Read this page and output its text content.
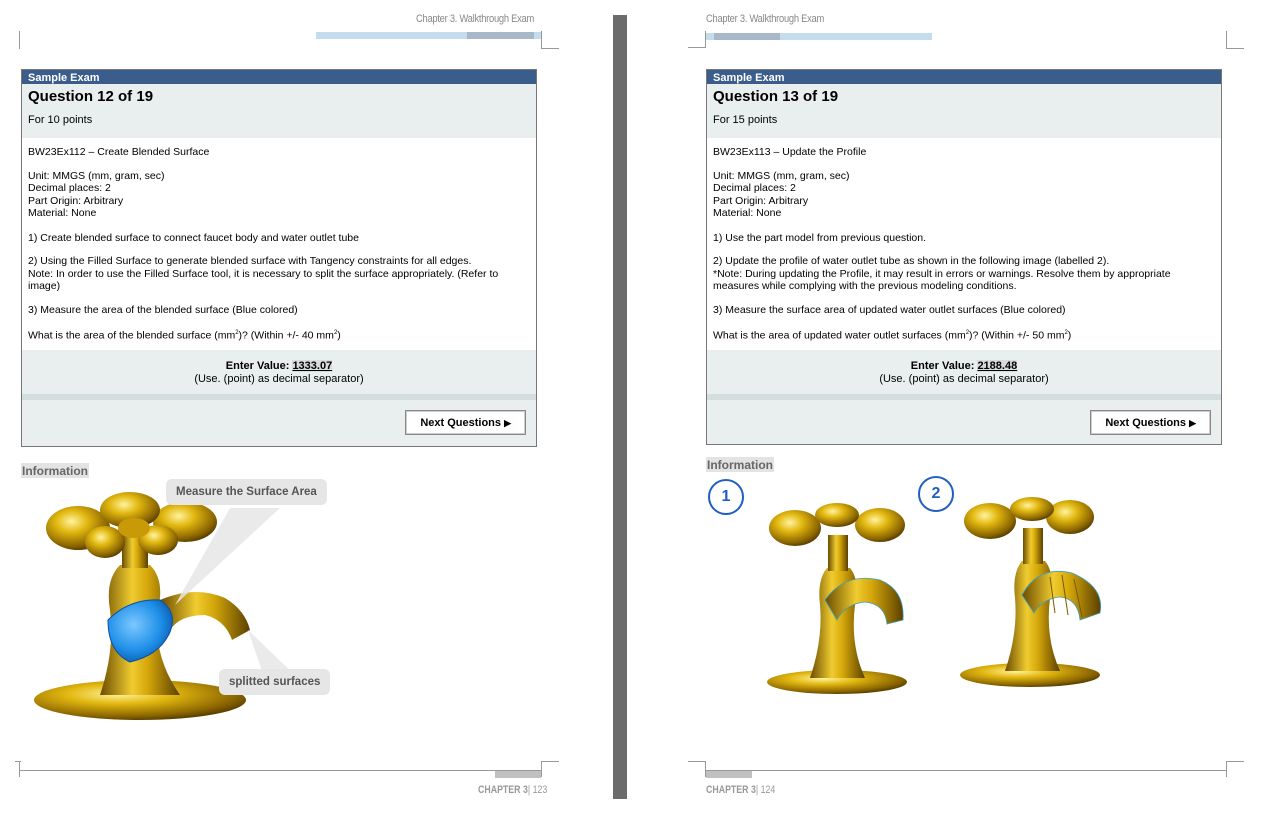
Chapter 3. Walkthrough Exam
Sample Exam
Question 12 of 19
For 10 points

BW23Ex112 – Create Blended Surface

Unit: MMGS (mm, gram, sec)
Decimal places: 2
Part Origin: Arbitrary
Material: None

1) Create blended surface to connect faucet body and water outlet tube

2) Using the Filled Surface to generate blended surface with Tangency constraints for all edges.
Note: In order to use the Filled Surface tool, it is necessary to split the surface appropriately. (Refer to image)

3) Measure the area of the blended surface (Blue colored)

What is the area of the blended surface $(mm^2)$? (Within +/- 40 $mm^2$)

Enter Value: 1333.07
(Use. (point) as decimal separator)
Next Questions ▶
Information
Measure the Surface Area
splitted surfaces
CHAPTER 3| 123
Chapter 3. Walkthrough Exam
Sample Exam
Question 13 of 19
For 15 points

BW23Ex113 – Update the Profile

Unit: MMGS (mm, gram, sec)
Decimal places: 2
Part Origin: Arbitrary
Material: None

1) Use the part model from previous question.

2) Update the profile of water outlet tube as shown in the following image (labelled 2).
*Note: During updating the Profile, it may result in errors or warnings. Resolve them by appropriate measures while complying with the previous modeling conditions.

3) Measure the surface area of updated water outlet surfaces (Blue colored)

What is the area of updated water outlet surfaces $(mm^2)$? (Within +/- 50 $mm^2$)

Enter Value: 2188.48
(Use. (point) as decimal separator)
Next Questions ▶
Information
1	2
CHAPTER 3| 124
